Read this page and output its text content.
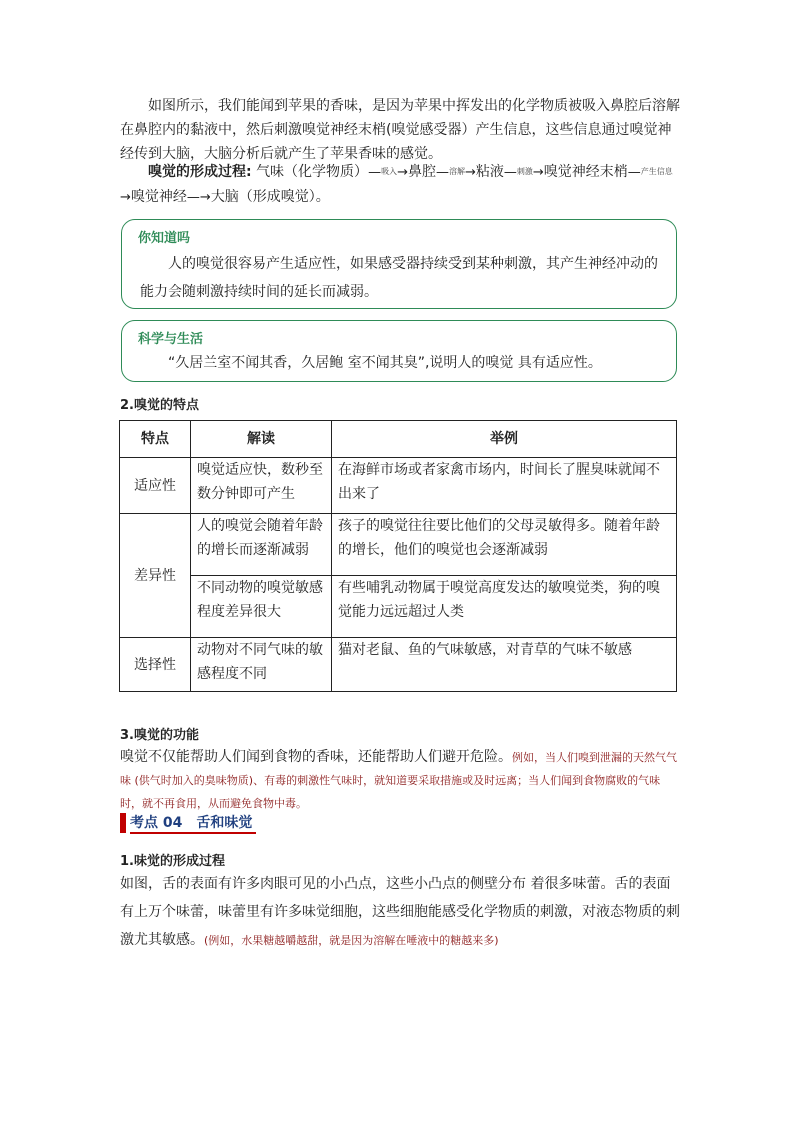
如图所示，我们能闻到苹果的香味，是因为苹果中挥发出的化学物质被吸入鼻腔后溶解在鼻腔内的黏液中，然后刺激嗅觉神经末梢(嗅觉感受器）产生信息，这些信息通过嗅觉神经传到大脑，大脑分析后就产生了苹果香味的感觉。

嗅觉的形成过程: 气味（化学物质）—吸入→鼻腔—溶解→粘液—刺激→嗅觉神经末梢—产生信息→嗅觉神经—→大脑（形成嗅觉）。
你知道吗
人的嗅觉很容易产生适应性，如果感受器持续受到某种刺激，其产生神经冲动的能力会随刺激持续时间的延长而减弱。
科学与生活
“久居兰室不闻其香，久居鲍 室不闻其臭”,说明人的嗅觉 具有适应性。
2.嗅觉的特点
特点	解读	举例
适应性	嗅觉适应快，数秒至数分钟即可产生	在海鲜市场或者家禽市场内，时间长了腥臭味就闻不出来了
差异性	人的嗅觉会随着年龄的增长而逐渐减弱	孩子的嗅觉往往要比他们的父母灵敏得多。随着年龄的增长，他们的嗅觉也会逐渐减弱
	不同动物的嗅觉敏感程度差异很大	有些哺乳动物属于嗅觉高度发达的敏嗅觉类，狗的嗅觉能力远远超过人类
选择性	动物对不同气味的敏感程度不同	猫对老鼠、鱼的气味敏感，对青草的气味不敏感
3.嗅觉的功能

嗅觉不仅能帮助人们闻到食物的香味，还能帮助人们避开危险。例如，当人们嗅到泄漏的天然气气味 (供气时加入的臭味物质)、有毒的刺激性气味时，就知道要采取措施或及时远离；当人们闻到食物腐败的气味时，就不再食用，从而避免食物中毒。

考点 04　舌和味觉
1.味觉的形成过程

如图，舌的表面有许多肉眼可见的小凸点，这些小凸点的侧壁分布 着很多味蕾。舌的表面有上万个味蕾，味蕾里有许多味觉细胞，这些细胞能感受化学物质的刺激，对液态物质的刺激尤其敏感。(例如，水果糖越嚼越甜，就是因为溶解在唾液中的糖越来多)
